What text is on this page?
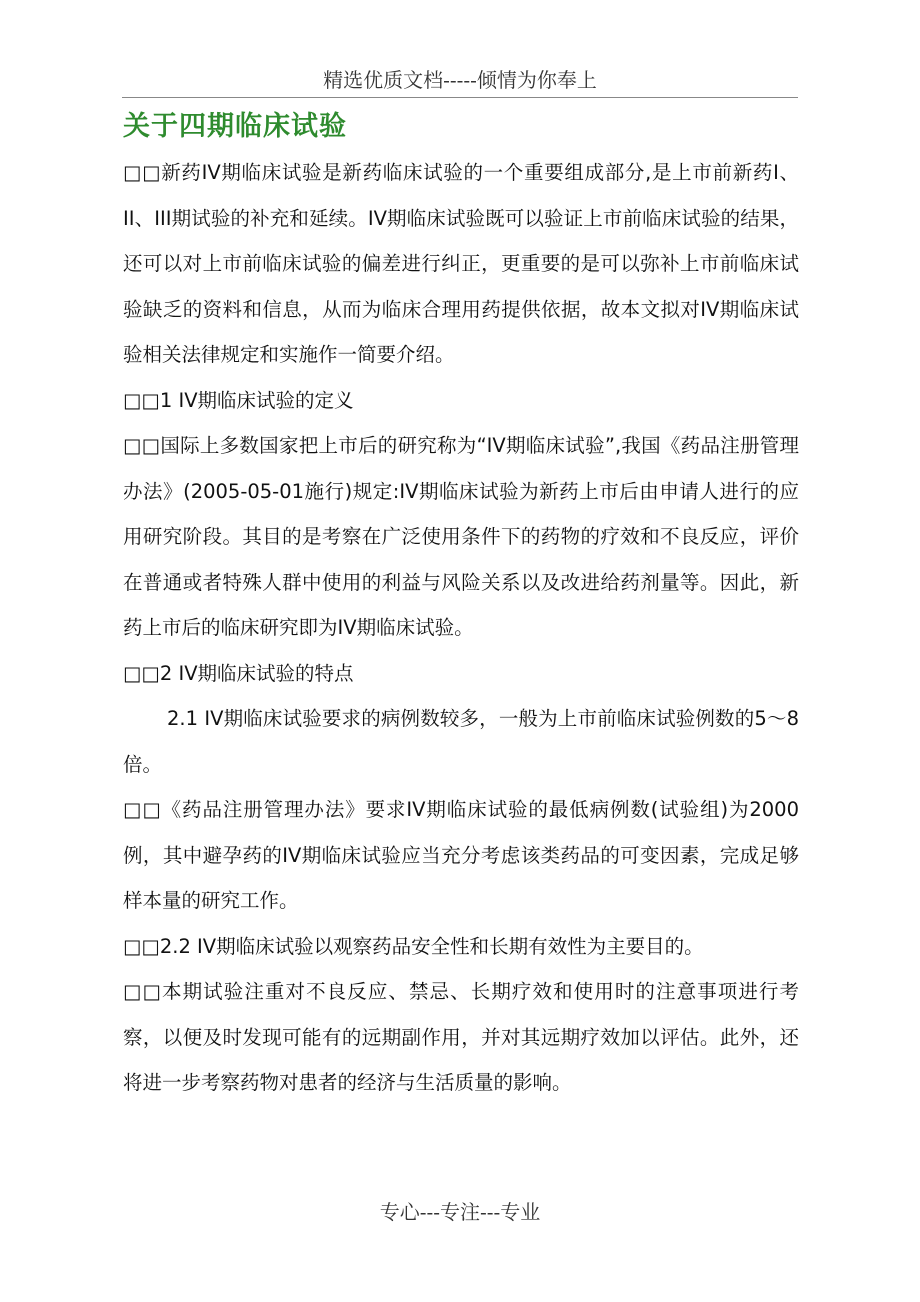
精选优质文档-----倾情为你奉上
关于四期临床试验

□□新药IV期临床试验是新药临床试验的一个重要组成部分,是上市前新药I、II、III期试验的补充和延续。IV期临床试验既可以验证上市前临床试验的结果，还可以对上市前临床试验的偏差进行纠正，更重要的是可以弥补上市前临床试验缺乏的资料和信息，从而为临床合理用药提供依据，故本文拟对IV期临床试验相关法律规定和实施作一简要介绍。

□□1 IV期临床试验的定义

□□国际上多数国家把上市后的研究称为“IV期临床试验”,我国《药品注册管理办法》(2005-05-01施行)规定:IV期临床试验为新药上市后由申请人进行的应用研究阶段。其目的是考察在广泛使用条件下的药物的疗效和不良反应，评价在普通或者特殊人群中使用的利益与风险关系以及改进给药剂量等。因此，新药上市后的临床研究即为IV期临床试验。

□□2 IV期临床试验的特点

2.1 IV期临床试验要求的病例数较多，一般为上市前临床试验例数的5～8倍。

□□《药品注册管理办法》要求IV期临床试验的最低病例数(试验组)为2000例，其中避孕药的IV期临床试验应当充分考虑该类药品的可变因素，完成足够样本量的研究工作。

□□2.2 IV期临床试验以观察药品安全性和长期有效性为主要目的。

□□本期试验注重对不良反应、禁忌、长期疗效和使用时的注意事项进行考察，以便及时发现可能有的远期副作用，并对其远期疗效加以评估。此外，还将进一步考察药物对患者的经济与生活质量的影响。

专心---专注---专业
